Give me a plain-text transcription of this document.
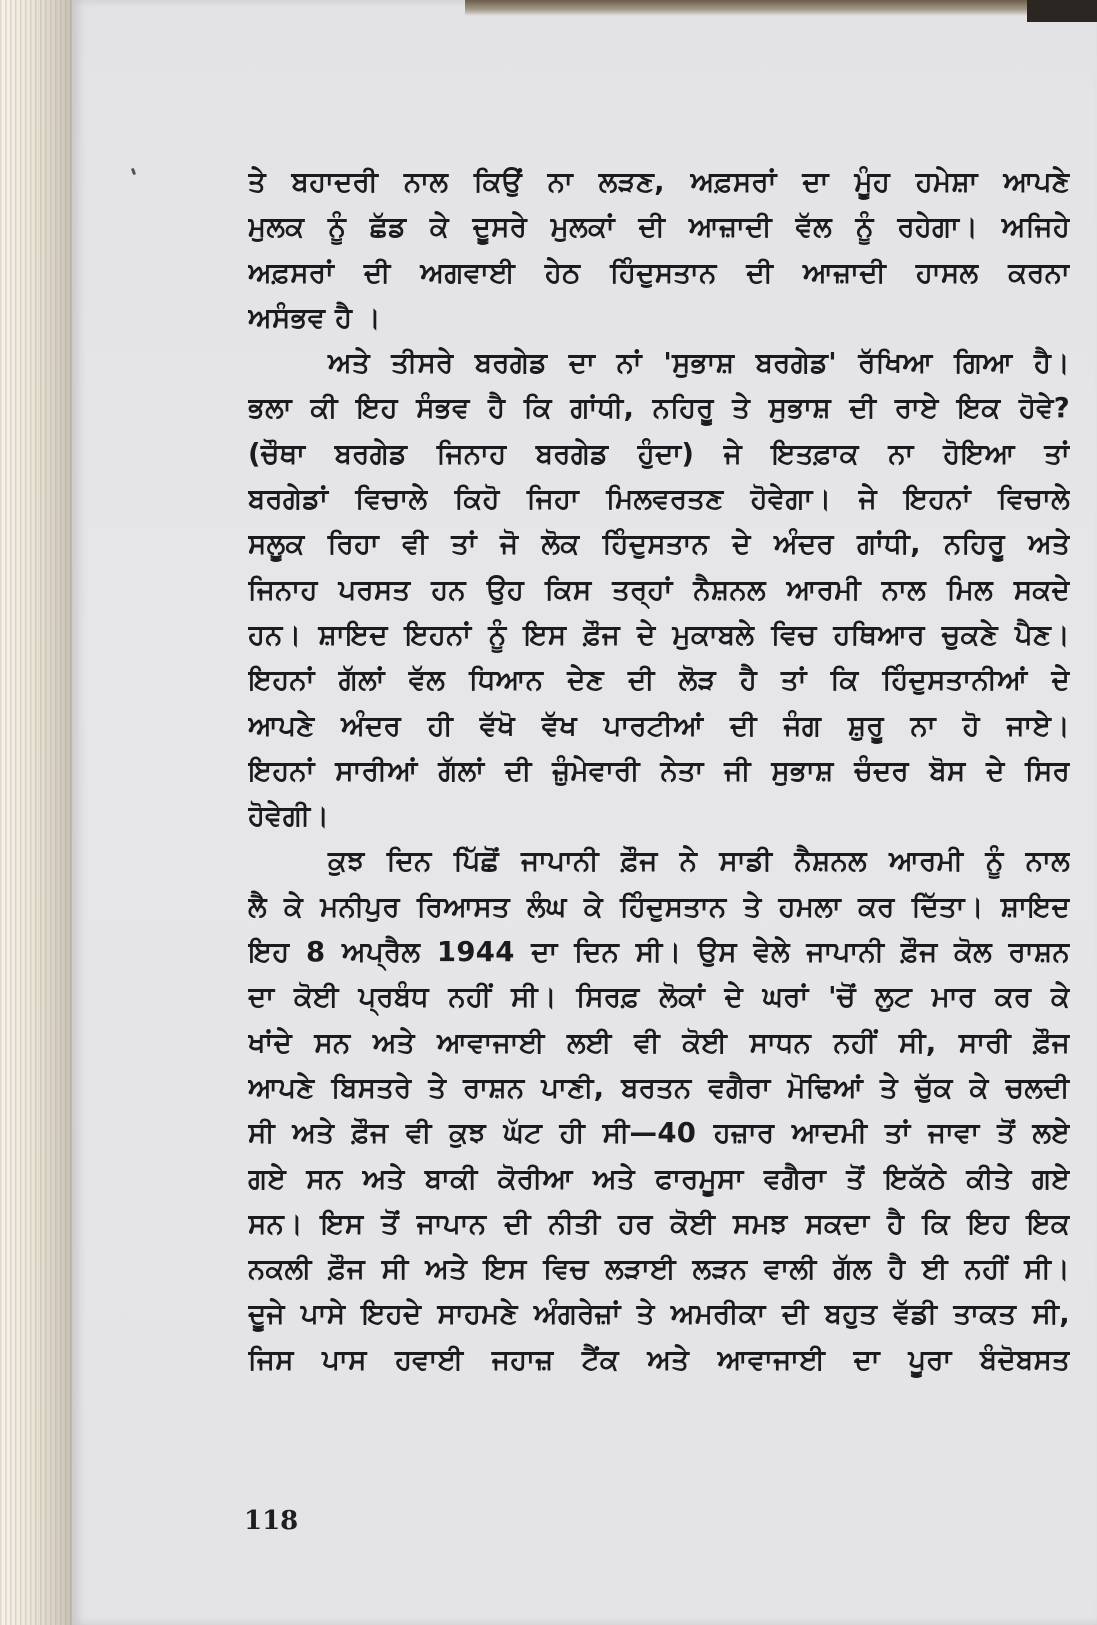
ਤੇ ਬਹਾਦਰੀ ਨਾਲ ਕਿਉਂ ਨਾ ਲੜਣ, ਅਫ਼ਸਰਾਂ ਦਾ ਮੂੰਹ ਹਮੇਸ਼ਾ ਆਪਣੇ
ਮੁਲਕ ਨੂੰ ਛੱਡ ਕੇ ਦੂਸਰੇ ਮੁਲਕਾਂ ਦੀ ਆਜ਼ਾਦੀ ਵੱਲ ਨੂੰ ਰਹੇਗਾ। ਅਜਿਹੇ
ਅਫ਼ਸਰਾਂ ਦੀ ਅਗਵਾਈ ਹੇਠ ਹਿੰਦੁਸਤਾਨ ਦੀ ਆਜ਼ਾਦੀ ਹਾਸਲ ਕਰਨਾ
ਅਸੰਭਵ ਹੈ ।
ਅਤੇ ਤੀਸਰੇ ਬਰਗੇਡ ਦਾ ਨਾਂ 'ਸੁਭਾਸ਼ ਬਰਗੇਡ' ਰੱਖਿਆ ਗਿਆ ਹੈ।
ਭਲਾ ਕੀ ਇਹ ਸੰਭਵ ਹੈ ਕਿ ਗਾਂਧੀ, ਨਹਿਰੂ ਤੇ ਸੁਭਾਸ਼ ਦੀ ਰਾਏ ਇਕ ਹੋਵੇ?
(ਚੌਥਾ ਬਰਗੇਡ ਜਿਨਾਹ ਬਰਗੇਡ ਹੁੰਦਾ) ਜੇ ਇਤਫ਼ਾਕ ਨਾ ਹੋਇਆ ਤਾਂ
ਬਰਗੇਡਾਂ ਵਿਚਾਲੇ ਕਿਹੋ ਜਿਹਾ ਮਿਲਵਰਤਣ ਹੋਵੇਗਾ। ਜੇ ਇਹਨਾਂ ਵਿਚਾਲੇ
ਸਲੂਕ ਰਿਹਾ ਵੀ ਤਾਂ ਜੋ ਲੋਕ ਹਿੰਦੁਸਤਾਨ ਦੇ ਅੰਦਰ ਗਾਂਧੀ, ਨਹਿਰੂ ਅਤੇ
ਜਿਨਾਹ ਪਰਸਤ ਹਨ ਉਹ ਕਿਸ ਤਰ੍ਹਾਂ ਨੈਸ਼ਨਲ ਆਰਮੀ ਨਾਲ ਮਿਲ ਸਕਦੇ
ਹਨ। ਸ਼ਾਇਦ ਇਹਨਾਂ ਨੂੰ ਇਸ ਫ਼ੌਜ ਦੇ ਮੁਕਾਬਲੇ ਵਿਚ ਹਥਿਆਰ ਚੁਕਣੇ ਪੈਣ।
ਇਹਨਾਂ ਗੱਲਾਂ ਵੱਲ ਧਿਆਨ ਦੇਣ ਦੀ ਲੋੜ ਹੈ ਤਾਂ ਕਿ ਹਿੰਦੁਸਤਾਨੀਆਂ ਦੇ
ਆਪਣੇ ਅੰਦਰ ਹੀ ਵੱਖੋ ਵੱਖ ਪਾਰਟੀਆਂ ਦੀ ਜੰਗ ਸ਼ੁਰੂ ਨਾ ਹੋ ਜਾਏ।
ਇਹਨਾਂ ਸਾਰੀਆਂ ਗੱਲਾਂ ਦੀ ਜ਼ੁੰਮੇਵਾਰੀ ਨੇਤਾ ਜੀ ਸੁਭਾਸ਼ ਚੰਦਰ ਬੋਸ ਦੇ ਸਿਰ
ਹੋਵੇਗੀ।
ਕੁਝ ਦਿਨ ਪਿੱਛੋਂ ਜਾਪਾਨੀ ਫ਼ੌਜ ਨੇ ਸਾਡੀ ਨੈਸ਼ਨਲ ਆਰਮੀ ਨੂੰ ਨਾਲ
ਲੈ ਕੇ ਮਨੀਪੁਰ ਰਿਆਸਤ ਲੰਘ ਕੇ ਹਿੰਦੁਸਤਾਨ ਤੇ ਹਮਲਾ ਕਰ ਦਿੱਤਾ। ਸ਼ਾਇਦ
ਇਹ 8 ਅਪ੍ਰੈਲ 1944 ਦਾ ਦਿਨ ਸੀ। ਉਸ ਵੇਲੇ ਜਾਪਾਨੀ ਫ਼ੌਜ ਕੋਲ ਰਾਸ਼ਨ
ਦਾ ਕੋਈ ਪ੍ਰਬੰਧ ਨਹੀਂ ਸੀ। ਸਿਰਫ਼ ਲੋਕਾਂ ਦੇ ਘਰਾਂ 'ਚੋਂ ਲੁਟ ਮਾਰ ਕਰ ਕੇ
ਖਾਂਦੇ ਸਨ ਅਤੇ ਆਵਾਜਾਈ ਲਈ ਵੀ ਕੋਈ ਸਾਧਨ ਨਹੀਂ ਸੀ, ਸਾਰੀ ਫ਼ੌਜ
ਆਪਣੇ ਬਿਸਤਰੇ ਤੇ ਰਾਸ਼ਨ ਪਾਣੀ, ਬਰਤਨ ਵਗੈਰਾ ਮੋਢਿਆਂ ਤੇ ਚੁੱਕ ਕੇ ਚਲਦੀ
ਸੀ ਅਤੇ ਫ਼ੌਜ ਵੀ ਕੁਝ ਘੱਟ ਹੀ ਸੀ—40 ਹਜ਼ਾਰ ਆਦਮੀ ਤਾਂ ਜਾਵਾ ਤੋਂ ਲਏ
ਗਏ ਸਨ ਅਤੇ ਬਾਕੀ ਕੋਰੀਆ ਅਤੇ ਫਾਰਮੂਸਾ ਵਗੈਰਾ ਤੋਂ ਇਕੱਠੇ ਕੀਤੇ ਗਏ
ਸਨ। ਇਸ ਤੋਂ ਜਾਪਾਨ ਦੀ ਨੀਤੀ ਹਰ ਕੋਈ ਸਮਝ ਸਕਦਾ ਹੈ ਕਿ ਇਹ ਇਕ
ਨਕਲੀ ਫ਼ੌਜ ਸੀ ਅਤੇ ਇਸ ਵਿਚ ਲੜਾਈ ਲੜਨ ਵਾਲੀ ਗੱਲ ਹੈ ਈ ਨਹੀਂ ਸੀ।
ਦੂਜੇ ਪਾਸੇ ਇਹਦੇ ਸਾਹਮਣੇ ਅੰਗਰੇਜ਼ਾਂ ਤੇ ਅਮਰੀਕਾ ਦੀ ਬਹੁਤ ਵੱਡੀ ਤਾਕਤ ਸੀ,
ਜਿਸ ਪਾਸ ਹਵਾਈ ਜਹਾਜ਼ ਟੈਂਕ ਅਤੇ ਆਵਾਜਾਈ ਦਾ ਪੂਰਾ ਬੰਦੋਬਸਤ
118
